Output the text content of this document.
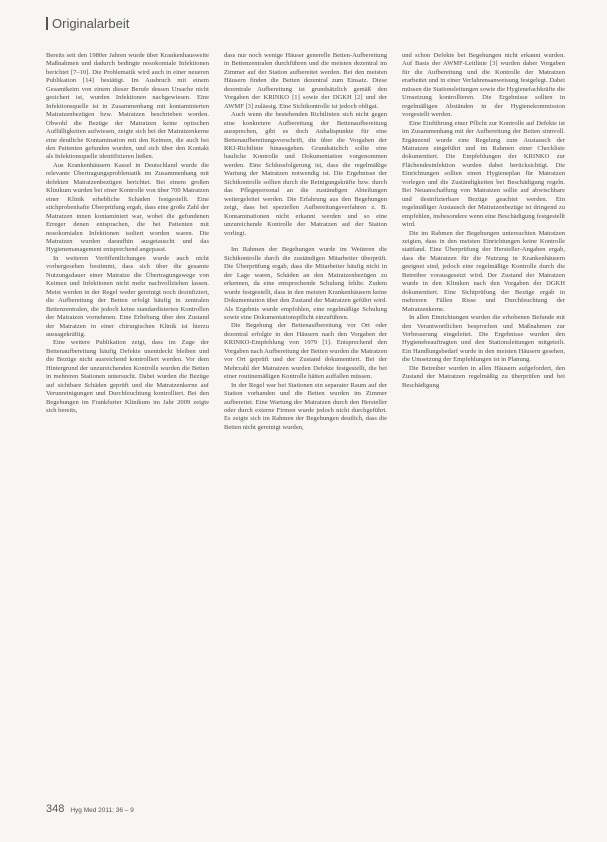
Originalarbeit

Bereits seit den 1980er Jahren wurde über Krankenhausweite Maßnahmen und dadurch bedingte nosokomiale Infektionen berichtet [7–10]. Die Problematik wird auch in einer neueren Publikation [14] bestätigt. Im Ausbruch mit einem Gesamtkeim von einem dieser Berufe dessen Ursache nicht gesichert ist, wurden Infektionen nachgewiesen. Eine Infektionsquelle ist in Zusammenhang mit kontaminierten Matratzenbezügen bzw. Matratzen beschrieben worden. Obwohl die Bezüge der Matratzen keine optischen Auffälligkeiten aufwiesen, zeigte sich bei der Matratzenkerne eine deutliche Kontamination mit den Keimen, die auch bei den Patienten gefunden wurden, und sich über den Kontakt als Infektionsquelle identifizieren ließen.

Aus Krankenhäusern Kassel in Deutschland wurde die relevante Übertragungsproblematik im Zusammenhang mit defekten Matratzenbezügen berichtet. Bei einem großen Klinikum wurden bei einer Kontrolle von über 700 Matratzen einer Klinik erhebliche Schäden festgestellt. Eine stichprobenhafte Überprüfung ergab, dass eine große Zahl der Matratzen innen kontaminiert war, wobei die gefundenen Erreger denen entsprachen, die bei Patienten mit nosokomialen Infektionen isoliert worden waren. Die Matratzen wurden daraufhin ausgetauscht und das Hygienemanagement entsprechend angepasst.

In weiteren Veröffentlichungen wurde auch nicht vorhergesehen bestimmt, dass sich über die gesamte Nutzungsdauer einer Matratze die Übertragungswege von Keimen und Infektionen nicht mehr nachvollziehen lassen. Meist werden in der Regel weder gereinigt noch desinfiziert, die Aufbereitung der Betten erfolgt häufig in zentralen Bettenzentralen, die jedoch keine standardisierten Kontrollen der Matratzen vornehmen. Eine Erhebung über den Zustand der Matratzen in einer chirurgischen Klinik ist hierzu aussagekräftig.

Eine weitere Publikation zeigt, dass im Zuge der Bettenaufbereitung häufig Defekte unentdeckt bleiben und die Bezüge nicht ausreichend kontrolliert werden. Vor dem Hintergrund der unzureichenden Kontrolle wurden die Betten in mehreren Stationen untersucht. Dabei wurden die Bezüge auf sichtbare Schäden geprüft und die Matratzenkerne auf Verunreinigungen und Durchfeuchtung kontrolliert. Bei den Begehungen im Frankfurter Klinikum im Jahr 2009 zeigte sich bereits,

dass nur noch wenige Häuser generelle Betten-Aufbereitung in Bettenzentralen durchführen und die meisten dezentral im Zimmer auf der Station aufbereitet werden. Bei den meisten Häusern finden die Betten dezentral zum Einsatz. Diese dezentrale Aufbereitung ist grundsätzlich gemäß den Vorgaben der KRINKO [1] sowie der DGKH [2] und der AWMF [3] zulässig. Eine Sichtkontrolle ist jedoch obligat.

Auch wenn die bestehenden Richtlinien sich nicht gegen eine konkretere Aufbereitung der Bettenaufbereitung aussprechen, gibt es doch Anhaltspunkte für eine Bettenaufbereitungsvorschrift, die über die Vorgaben der RKI-Richtlinie hinausgehen. Grundsätzlich sollte eine bauliche Kontrolle und Dokumentation vorgenommen werden. Eine Schlussfolgerung ist, dass die regelmäßige Wartung der Matratzen notwendig ist. Die Ergebnisse der Sichtkontrolle sollten durch die Reinigungskräfte bzw. durch das Pflegepersonal an die zuständigen Abteilungen weitergeleitet werden. Die Erfahrung aus den Begehungen zeigt, dass bei speziellen Aufbereitungsverfahren z. B. Kontaminationen nicht erkannt werden und so eine unzureichende Kontrolle der Matratzen auf der Station vorliegt.

Im Rahmen der Begehungen wurde im Weiteren die Sichtkontrolle durch die zuständigen Mitarbeiter überprüft. Die Überprüfung ergab, dass die Mitarbeiter häufig nicht in der Lage waren, Schäden an den Matratzenbezügen zu erkennen, da eine entsprechende Schulung fehlte. Zudem wurde festgestellt, dass in den meisten Krankenhäusern keine Dokumentation über den Zustand der Matratzen geführt wird. Als Ergebnis wurde empfohlen, eine regelmäßige Schulung sowie eine Dokumentationspflicht einzuführen.

Die Begehung der Bettenaufbereitung vor Ort oder dezentral erfolgte in den Häusern nach den Vorgaben der KRINKO-Empfehlung von 1979 [1]. Entsprechend den Vorgaben nach Aufbereitung der Betten wurden die Matratzen vor Ort geprüft und der Zustand dokumentiert. Bei der Mehrzahl der Matratzen wurden Defekte festgestellt, die bei einer routinemäßigen Kontrolle hätten auffallen müssen.

In der Regel war bei Stationen ein separater Raum auf der Station vorhanden und die Betten wurden im Zimmer aufbereitet. Eine Wartung der Matratzen durch den Hersteller oder durch externe Firmen wurde jedoch nicht durchgeführt. Es zeigte sich im Rahmen der Begehungen deutlich, dass die Betten nicht gereinigt wurden,

und schon Defekte bei Begehungen nicht erkannt wurden. Auf Basis der AWMF-Leitlinie [3] wurden daher Vorgaben für die Aufbereitung und die Kontrolle der Matratzen erarbeitet und in einer Verfahrensanweisung festgelegt. Dabei müssen die Stationsleitungen sowie die Hygienefachkräfte die Umsetzung kontrollieren. Die Ergebnisse sollten in regelmäßigen Abständen in der Hygienekommission vorgestellt werden.

Eine Einführung einer Pflicht zur Kontrolle auf Defekte ist im Zusammenhang mit der Aufbereitung der Betten sinnvoll. Ergänzend wurde eine Regelung zum Austausch der Matratzen eingeführt und im Rahmen einer Checkliste dokumentiert. Die Empfehlungen der KRINKO zur Flächendesinfektion wurden dabei berücksichtigt. Die Einrichtungen sollten einen Hygieneplan für Matratzen vorlegen und die Zuständigkeiten bei Beschädigung regeln. Bei Neuanschaffung von Matratzen sollte auf abwischbare und desinfizierbare Bezüge geachtet werden. Ein regelmäßiger Austausch der Matratzenbezüge ist dringend zu empfehlen, insbesondere wenn eine Beschädigung festgestellt wird.

Die im Rahmen der Begehungen untersuchten Matratzen zeigten, dass in den meisten Einrichtungen keine Kontrolle stattfand. Eine Überprüfung der Hersteller-Angaben ergab, dass die Matratzen für die Nutzung in Krankenhäusern geeignet sind, jedoch eine regelmäßige Kontrolle durch die Betreiber vorausgesetzt wird. Der Zustand der Matratzen wurde in den Kliniken nach den Vorgaben der DGKH dokumentiert. Eine Sichtprüfung der Bezüge ergab in mehreren Fällen Risse und Durchfeuchtung der Matratzenkerne.

In allen Einrichtungen wurden die erhobenen Befunde mit den Verantwortlichen besprochen und Maßnahmen zur Verbesserung eingeleitet. Die Ergebnisse wurden den Hygienebeauftragten und den Stationsleitungen mitgeteilt. Ein Handlungsbedarf wurde in den meisten Häusern gesehen, die Umsetzung der Empfehlungen ist in Planung.

Die Betreiber wurden in allen Häusern aufgefordert, den Zustand der Matratzen regelmäßig zu überprüfen und bei Beschädigung

348 Hyg Med 2011; 36 – 9
